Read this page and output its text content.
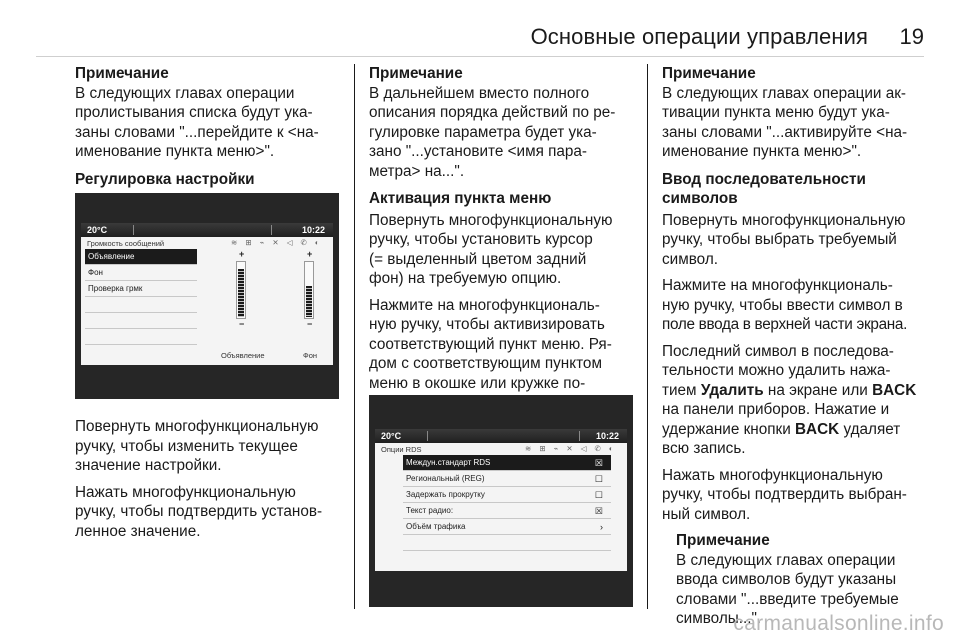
Основные операции управления 19
Примечание
В следующих главах операции
пролистывания списка будут ука-
заны словами "...перейдите к <на-
именование пункта меню>".
Регулировка настройки
20°C	10:22
Громкость сообщений	≋ ⊞ ⌁ ✕ ◁ ✆ ◐
Объявление
Фон
Проверка грмк
+
−
+
−
Объявление	Фон
Повернуть многофункциональную
ручку, чтобы изменить текущее
значение настройки.
Нажать многофункциональную
ручку, чтобы подтвердить установ-
ленное значение.
Примечание
В дальнейшем вместо полного
описания порядка действий по ре-
гулировке параметра будет ука-
зано "...установите <имя пара-
метра> на...".
Активация пункта меню
Повернуть многофункциональную
ручку, чтобы установить курсор
(= выделенный цветом задний
фон) на требуемую опцию.
Нажмите на многофункциональ-
ную ручку, чтобы активизировать
соответствующий пункт меню. Ря-
дом с соответствующим пунктом
меню в окошке или кружке по-
20°C	10:22
Опции RDS	≋ ⊞ ⌁ ✕ ◁ ✆ ◐
Междун.стандарт RDS	☒
Региональный (REG)	☐
Задержать прокрутку	☐
Текст радио:	☒
Объём трафика	›
Примечание
В следующих главах операции ак-
тивации пункта меню будут ука-
заны словами "...активируйте <на-
именование пункта меню>".
Ввод последовательности
символов
Повернуть многофункциональную
ручку, чтобы выбрать требуемый
символ.
Нажмите на многофункциональ-
ную ручку, чтобы ввести символ в
поле ввода в верхней части экрана.
Последний символ в последова-
тельности можно удалить нажа-
тием Удалить на экране или BACK
на панели приборов. Нажатие и
удержание кнопки BACK удаляет
всю запись.
Нажать многофункциональную
ручку, чтобы подтвердить выбран-
ный символ.
Примечание
В следующих главах операции
ввода символов будут указаны
словами "...введите требуемые
символы...".
carmanualsonline.info
